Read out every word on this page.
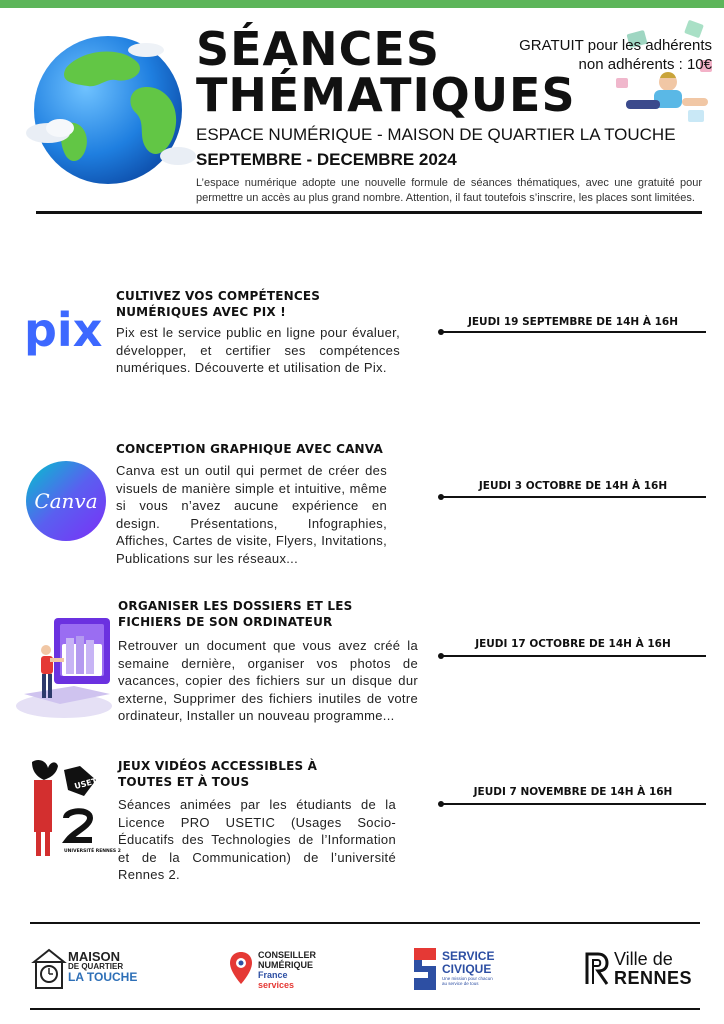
SÉANCES
THÉMATIQUES
GRATUIT pour les adhérents
non adhérents : 10€
ESPACE NUMÉRIQUE - MAISON DE QUARTIER LA TOUCHE
SEPTEMBRE - DECEMBRE 2024
L’espace numérique adopte une nouvelle formule de séances thématiques, avec une gratuité pour permettre un accès au plus grand nombre. Attention, il faut toutefois s’inscrire, les places sont limitées.
pix
CULTIVEZ VOS COMPÉTENCES NUMÉRIQUES AVEC PIX !
Pix est le service public en ligne pour évaluer, développer, et certifier ses compétences numériques. Découverte et utilisation de Pix.
JEUDI 19 SEPTEMBRE DE 14H À 16H
Canva
CONCEPTION GRAPHIQUE AVEC CANVA
Canva est un outil qui permet de créer des visuels de manière simple et intuitive, même si vous n’avez aucune expérience en design. Présentations, Infographies, Affiches, Cartes de visite, Flyers, Invitations, Publications sur les réseaux...
JEUDI 3 OCTOBRE DE 14H À 16H
ORGANISER LES DOSSIERS ET LES FICHIERS DE SON ORDINATEUR
Retrouver un document que vous avez créé la semaine dernière, organiser vos photos de vacances, copier des fichiers sur un disque dur externe, Supprimer des fichiers inutiles de votre ordinateur, Installer un nouveau programme...
JEUDI 17 OCTOBRE DE 14H À 16H
USETIC
UNIVERSITÉ RENNES 2
JEUX VIDÉOS ACCESSIBLES À TOUTES ET À TOUS
Séances animées par les étudiants de la Licence PRO USETIC (Usages Socio-Éducatifs des Technologies de l’Information et de la Communication) de l’université Rennes 2.
JEUDI 7 NOVEMBRE DE 14H À 16H
MAISON
DE QUARTIER
LA TOUCHE
CONSEILLER
NUMÉRIQUE
France
services
SERVICE
CIVIQUE
Une mission pour chacun au service de tous
Ville de
RENNES
